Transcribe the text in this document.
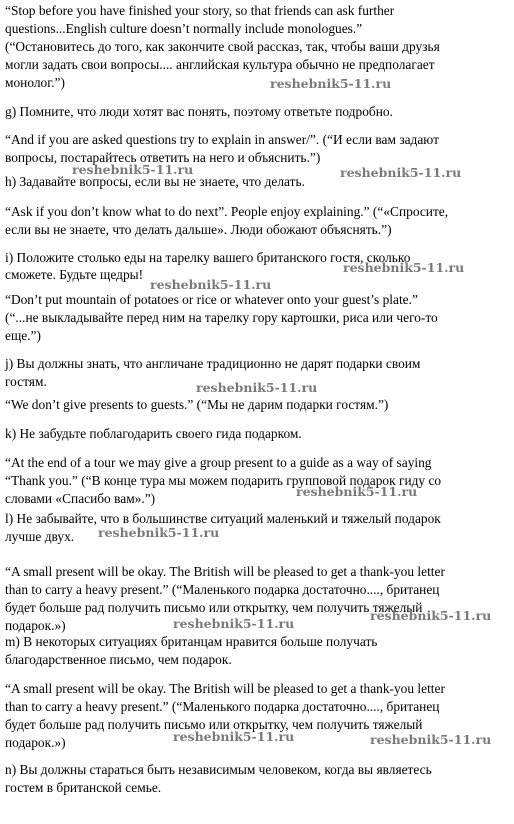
“Stop before you have finished your story, so that friends can ask further
questions...English culture doesn’t normally include monologues.”
(“Остановитесь до того, как закончите свой рассказ, так, чтобы ваши друзья
могли задать свои вопросы.... английская культура обычно не предполагает
монолог.”)	reshebnik5-11.ru
g) Помните, что люди хотят вас понять, поэтому ответьте подробно.
“And if you are asked questions try to explain in answer/”. (“И если вам задают
вопросы, постарайтесь ответить на него и объяснить.”)
reshebnik5-11.ru
h) Задавайте вопросы, если вы не знаете, что делать.
reshebnik5-11.ru
“Ask if you don’t know what to do next”. People enjoy explaining.” (“«Спросите,
если вы не знаете, что делать дальше». Люди обожают объяснять.”)
i) Положите столько еды на тарелку вашего британского гостя, сколько
сможете. Будьте щедры!	reshebnik5-11.ru
reshebnik5-11.ru
“Don’t put mountain of potatoes or rice or whatever onto your guest’s plate.”
(“...не выкладывайте перед ним на тарелку гору картошки, риса или чего-то
еще.”)
j) Вы должны знать, что англичане традиционно не дарят подарки своим
гостям.	reshebnik5-11.ru
“We don’t give presents to guests.” (“Мы не дарим подарки гостям.”)
k) Не забудьте поблагодарить своего гида подарком.
“At the end of a tour we may give a group present to a guide as a way of saying
“Thank you.” (“В конце тура мы можем подарить групповой подарок гиду со
словами «Спасибо вам».”)	reshebnik5-11.ru
l) Не забывайте, что в большинстве ситуаций маленький и тяжелый подарок
лучше двух. reshebnik5-11.ru
“A small present will be okay. The British will be pleased to get a thank-you letter
than to carry a heavy present.” (“Маленького подарка достаточно...., британец
будет больше рад получить письмо или открытку, чем получить тяжелый
подарок.»)
reshebnik5-11.ru
reshebnik5-11.ru
m) В некоторых ситуациях британцам нравится больше получать
благодарственное письмо, чем подарок.
“A small present will be okay. The British will be pleased to get a thank-you letter
than to carry a heavy present.” (“Маленького подарка достаточно...., британец
будет больше рад получить письмо или открытку, чем получить тяжелый
подарок.»)	reshebnik5-11.ru	reshebnik5-11.ru
n) Вы должны стараться быть независимым человеком, когда вы являетесь
гостем в британской семье.
